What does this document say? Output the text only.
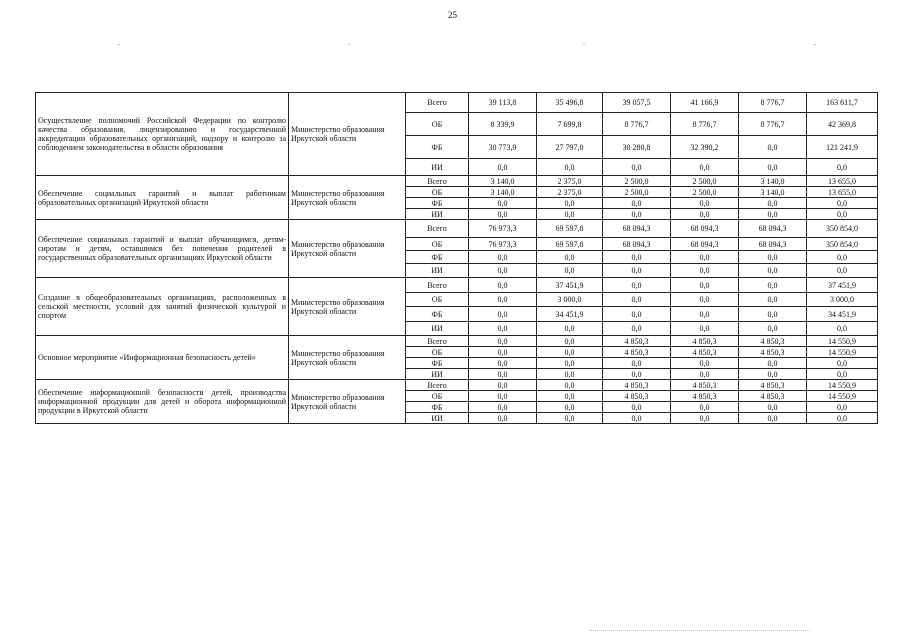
25
.	.	.	.
Осуществление полномочий Российской Федерации по контролю качества образования, лицензированию и государственной аккредитации образовательных организаций, надзору и контролю за соблюдением законодательства в области образования	Министерство образования Иркутской области	Всего	39 113,8	35 496,8	39 057,5	41 166,9	8 776,7	163 611,7
		ОБ	8 339,9	7 699,8	8 776,7	8 776,7	8 776,7	42 369,8
		ФБ	30 773,9	27 797,0	30 280,8	32 390,2	0,0	121 241,9
		ИИ	0,0	0,0	0,0	0,0	0,0	0,0
Обеспечение социальных гарантий и выплат работникам образовательных организаций Иркутской области	Министерство образования Иркутской области	Всего	3 140,0	2 375,0	2 500,0	2 500,0	3 140,0	13 655,0
		ОБ	3 140,0	2 375,0	2 500,0	2 500,0	3 140,0	13 655,0
		ФБ	0,0	0,0	0,0	0,0	0,0	0,0
		ИИ	0,0	0,0	0,0	0,0	0,0	0,0
Обеспечение социальных гарантий и выплат обучающимся, детям-сиротам и детям, оставшимся без попечения родителей в государственных образовательных организациях Иркутской области	Министерство образования Иркутской области	Всего	76 973,3	69 597,8	68 094,3	68 094,3	68 094,3	350 854,0
		ОБ	76 973,3	69 597,8	68 094,3	68 094,3	68 094,3	350 854,0
		ФБ	0,0	0,0	0,0	0,0	0,0	0,0
		ИИ	0,0	0,0	0,0	0,0	0,0	0,0
Создание в общеобразовательных организациях, расположенных в сельской местности, условий для занятий физической культурой и спортом	Министерство образования Иркутской области	Всего	0,0	37 451,9	0,0	0,0	0,0	37 451,9
		ОБ	0,0	3 000,0	0,0	0,0	0,0	3 000,0
		ФБ	0,0	34 451,9	0,0	0,0	0,0	34 451,9
		ИИ	0,0	0,0	0,0	0,0	0,0	0,0
Основное мероприятие «Информационная безопасность детей»	Министерство образования Иркутской области	Всего	0,0	0,0	4 850,3	4 850,3	4 850,3	14 550,9
		ОБ	0,0	0,0	4 850,3	4 850,3	4 850,3	14 550,9
		ФБ	0,0	0,0	0,0	0,0	0,0	0,0
		ИИ	0,0	0,0	0,0	0,0	0,0	0,0
Обеспечение информационной безопасности детей, производства информационной продукции для детей и оборота информационной продукции в Иркутской области	Министерство образования Иркутской области	Всего	0,0	0,0	4 850,3	4 850,3	4 850,3	14 550,9
		ОБ	0,0	0,0	4 850,3	4 850,3	4 850,3	14 550,9
		ФБ	0,0	0,0	0,0	0,0	0,0	0,0
		ИИ	0,0	0,0	0,0	0,0	0,0	0,0
